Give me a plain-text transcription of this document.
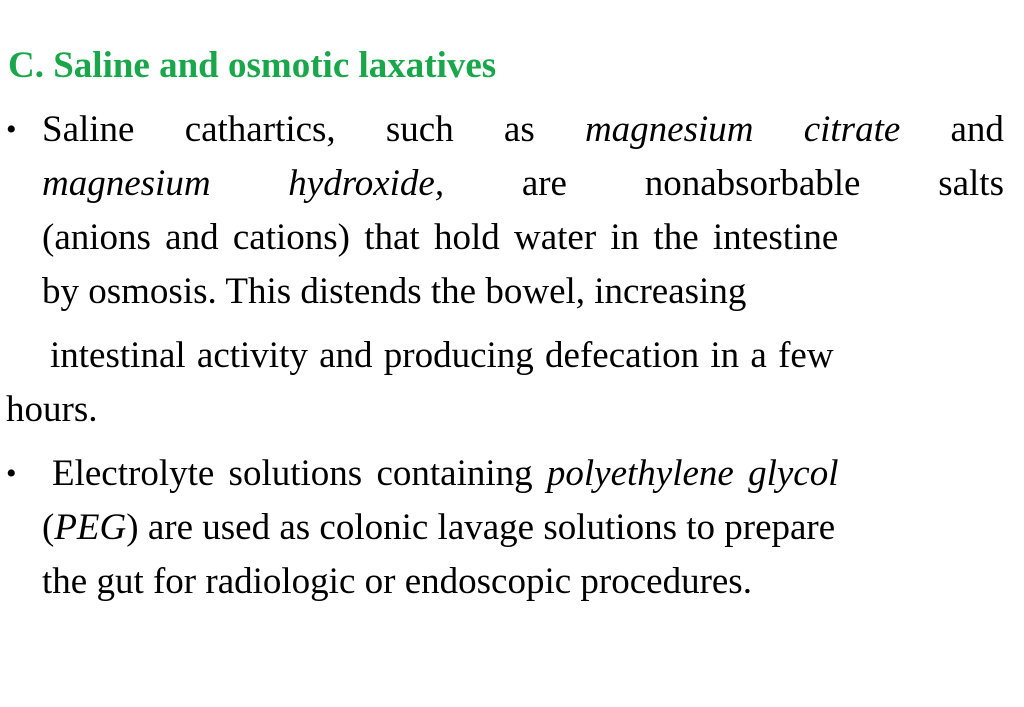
C. Saline and osmotic laxatives
• Saline cathartics, such as magnesium citrate and
magnesium hydroxide, are nonabsorbable salts
(anions and cations) that hold water in the intestine
by osmosis. This distends the bowel, increasing
intestinal activity and producing defecation in a few
hours.
• Electrolyte solutions containing polyethylene glycol
(PEG) are used as colonic lavage solutions to prepare
the gut for radiologic or endoscopic procedures.
